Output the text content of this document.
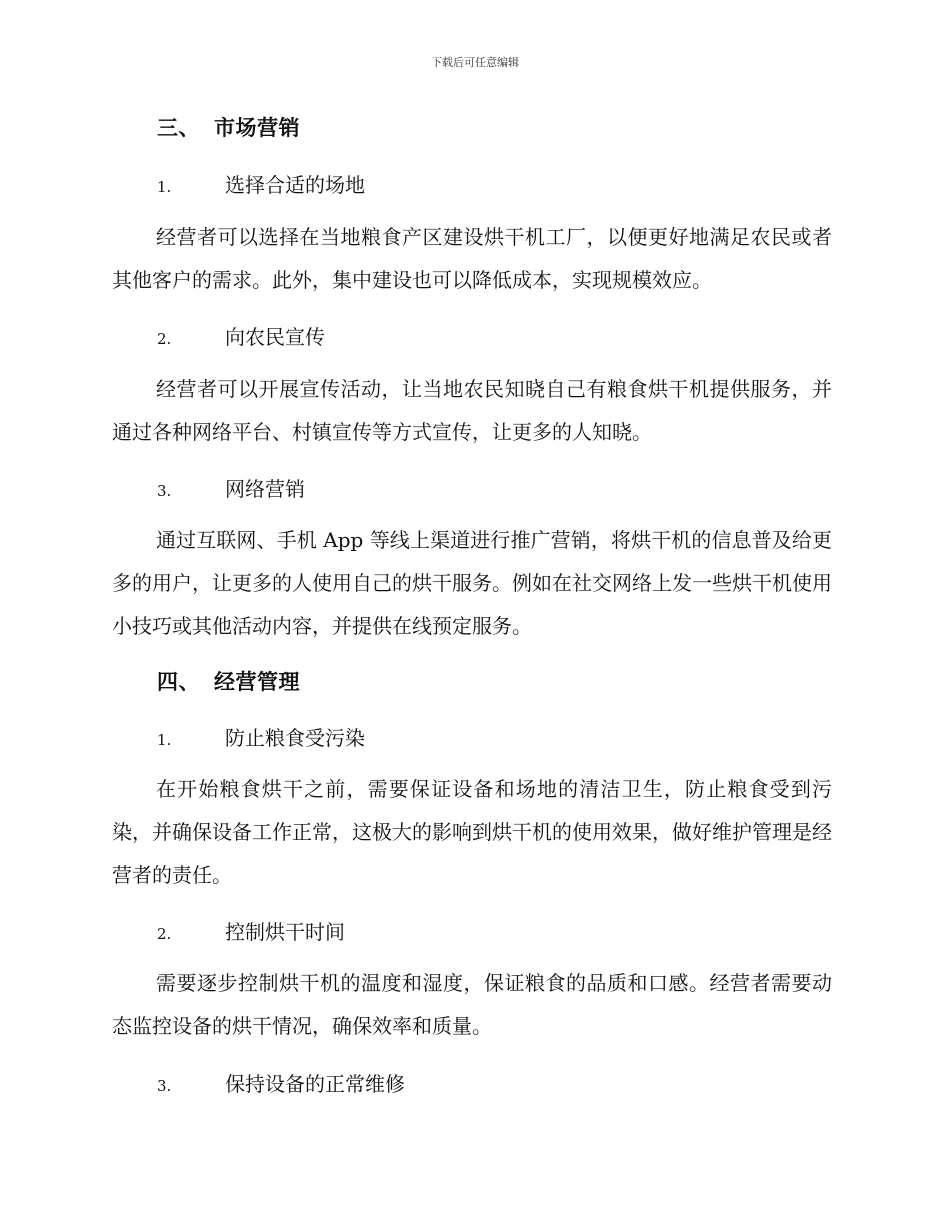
下载后可任意编辑
三、 市场营销
1.	选择合适的场地

经营者可以选择在当地粮食产区建设烘干机工厂，以便更好地满足农民或者其他客户的需求。此外，集中建设也可以降低成本，实现规模效应。

2.	向农民宣传

经营者可以开展宣传活动，让当地农民知晓自己有粮食烘干机提供服务，并通过各种网络平台、村镇宣传等方式宣传，让更多的人知晓。

3.	网络营销

通过互联网、手机 App 等线上渠道进行推广营销，将烘干机的信息普及给更多的用户，让更多的人使用自己的烘干服务。例如在社交网络上发一些烘干机使用小技巧或其他活动内容，并提供在线预定服务。

四、 经营管理
1.	防止粮食受污染

在开始粮食烘干之前，需要保证设备和场地的清洁卫生，防止粮食受到污染，并确保设备工作正常，这极大的影响到烘干机的使用效果，做好维护管理是经营者的责任。

2.	控制烘干时间

需要逐步控制烘干机的温度和湿度，保证粮食的品质和口感。经营者需要动态监控设备的烘干情况，确保效率和质量。

3.	保持设备的正常维修
